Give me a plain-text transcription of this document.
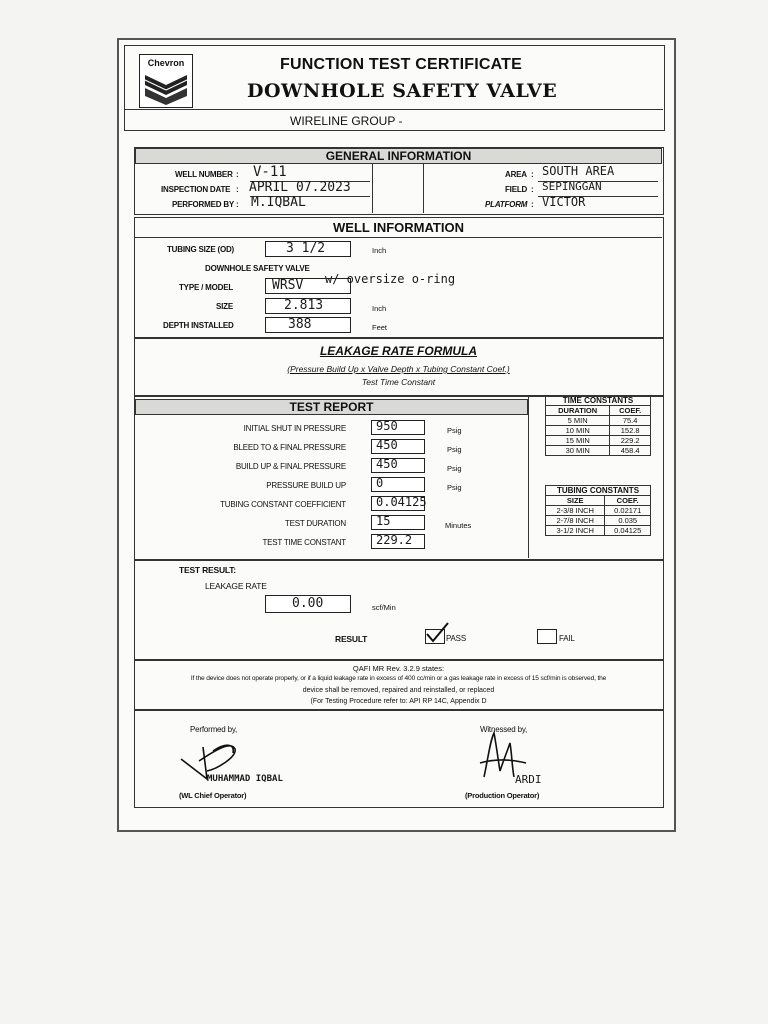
Chevron	FUNCTION TEST CERTIFICATE
DOWNHOLE SAFETY VALVE
WIRELINE GROUP -
GENERAL INFORMATION
WELL NUMBER : V-11
INSPECTION DATE : APRIL 07.2023
PERFORMED BY : M.IQBAL
AREA : SOUTH AREA
FIELD : SEPINGGAN
PLATFORM : VICTOR
WELL INFORMATION
TUBING SIZE (OD)	3 1/2	Inch
DOWNHOLE SAFETY VALVE
TYPE / MODEL	WRSV w/ oversize o-ring
SIZE	2.813	Inch
DEPTH INSTALLED	388	Feet
LEAKAGE RATE FORMULA
(Pressure Build Up x Valve Depth x Tubing Constant Coef.)
Test Time Constant
TEST REPORT
INITIAL SHUT IN PRESSURE	950	Psig
BLEED TO & FINAL PRESSURE	450	Psig
BUILD UP & FINAL PRESSURE	450	Psig
PRESSURE BUILD UP	0	Psig
TUBING CONSTANT COEFFICIENT	0.04125
TEST DURATION	15	Minutes
TEST TIME CONSTANT	229.2
TIME CONSTANTS	
DURATION	COEF.
5 MIN	75.4
10 MIN	152.8
15 MIN	229.2
30 MIN	458.4
TUBING CONSTANTS	
SIZE	COEF.
2-3/8 INCH	0.02171
2-7/8 INCH	0.035
3-1/2 INCH	0.04125
TEST RESULT:
LEAKAGE RATE
0.00	scf/Min
RESULT	PASS	FAIL
QAFI MR Rev. 3.2.9 states:
If the device does not operate properly, or if a liquid leakage rate in excess of 400 cc/min or a gas leakage rate in excess of 15 scf/min is observed, the
device shall be removed, repaired and reinstalled, or replaced
(For Testing Procedure refer to: API RP 14C, Appendix D
Performed by,
MUHAMMAD IQBAL
(WL Chief Operator)
Witnessed by,
ARDI
(Production Operator)
